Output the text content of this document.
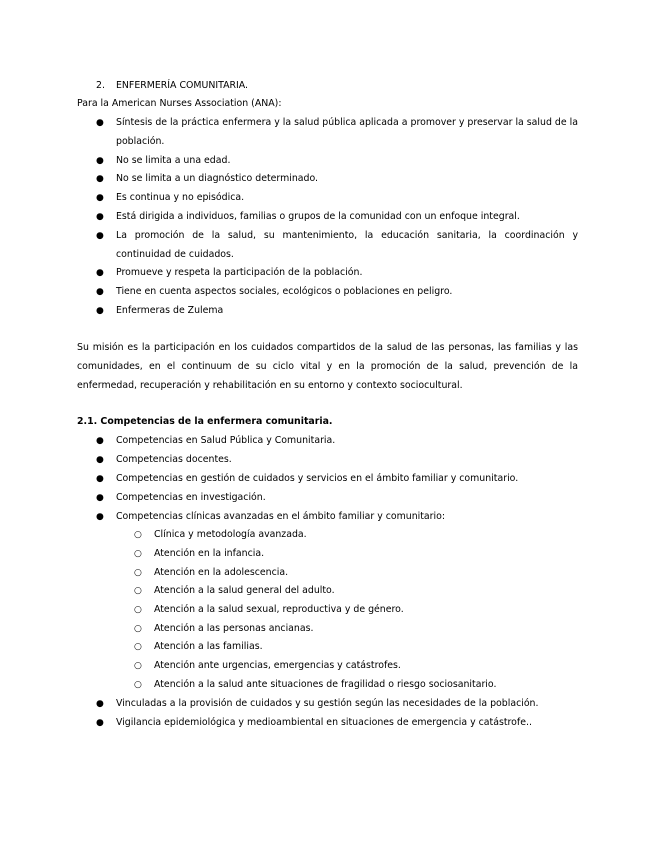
2. ENFERMERÍA COMUNITARIA.
Para la American Nurses Association (ANA):
● Síntesis de la práctica enfermera y la salud pública aplicada a promover y preservar la salud de la población.
● No se limita a una edad.
● No se limita a un diagnóstico determinado.
● Es continua y no episódica.
● Está dirigida a individuos, familias o grupos de la comunidad con un enfoque integral.
● La promoción de la salud, su mantenimiento, la educación sanitaria, la coordinación y continuidad de cuidados.
● Promueve y respeta la participación de la población.
● Tiene en cuenta aspectos sociales, ecológicos o poblaciones en peligro.
● Enfermeras de Zulema
Su misión es la participación en los cuidados compartidos de la salud de las personas, las familias y las comunidades, en el continuum de su ciclo vital y en la promoción de la salud, prevención de la enfermedad, recuperación y rehabilitación en su entorno y contexto sociocultural.
2.1. Competencias de la enfermera comunitaria.
● Competencias en Salud Pública y Comunitaria.
● Competencias docentes.
● Competencias en gestión de cuidados y servicios en el ámbito familiar y comunitario.
● Competencias en investigación.
● Competencias clínicas avanzadas en el ámbito familiar y comunitario:
○ Clínica y metodología avanzada.
○ Atención en la infancia.
○ Atención en la adolescencia.
○ Atención a la salud general del adulto.
○ Atención a la salud sexual, reproductiva y de género.
○ Atención a las personas ancianas.
○ Atención a las familias.
○ Atención ante urgencias, emergencias y catástrofes.
○ Atención a la salud ante situaciones de fragilidad o riesgo sociosanitario.
● Vinculadas a la provisión de cuidados y su gestión según las necesidades de la población.
● Vigilancia epidemiológica y medioambiental en situaciones de emergencia y catástrofe..
